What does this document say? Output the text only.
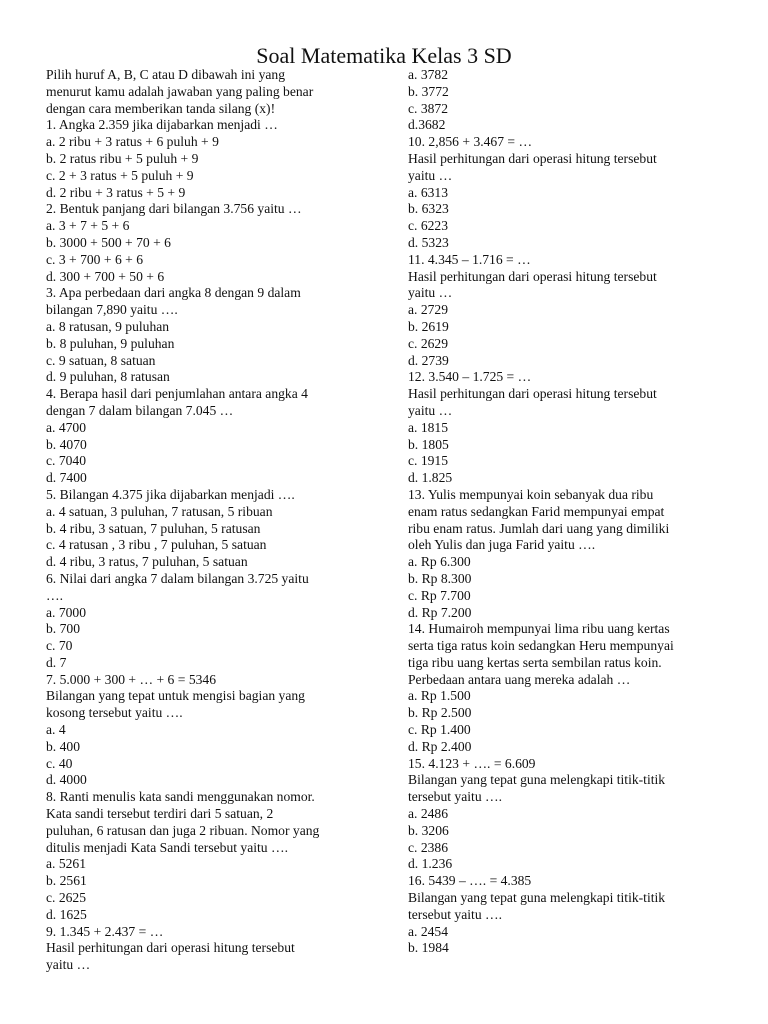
Soal Matematika Kelas 3 SD
Pilih huruf A, B, C atau D dibawah ini yang
menurut kamu adalah jawaban yang paling benar
dengan cara memberikan tanda silang (x)!
1. Angka 2.359 jika dijabarkan menjadi …
a. 2 ribu + 3 ratus + 6 puluh + 9
b. 2 ratus ribu + 5 puluh + 9
c. 2 + 3 ratus + 5 puluh + 9
d. 2 ribu + 3 ratus + 5 + 9
2. Bentuk panjang dari bilangan 3.756 yaitu …
a. 3 + 7 + 5 + 6
b. 3000 + 500 + 70 + 6
c. 3 + 700 + 6 + 6
d. 300 + 700 + 50 + 6
3. Apa perbedaan dari angka 8 dengan 9 dalam
bilangan 7,890 yaitu ….
a. 8 ratusan, 9 puluhan
b. 8 puluhan, 9 puluhan
c. 9 satuan, 8 satuan
d. 9 puluhan, 8 ratusan
4. Berapa hasil dari penjumlahan antara angka 4
dengan 7 dalam bilangan 7.045 …
a. 4700
b. 4070
c. 7040
d. 7400
5. Bilangan 4.375 jika dijabarkan menjadi ….
a. 4 satuan, 3 puluhan, 7 ratusan, 5 ribuan
b. 4 ribu, 3 satuan, 7 puluhan, 5 ratusan
c. 4 ratusan , 3 ribu , 7 puluhan, 5 satuan
d. 4 ribu, 3 ratus, 7 puluhan, 5 satuan
6. Nilai dari angka 7 dalam bilangan 3.725 yaitu
….
a. 7000
b. 700
c. 70
d. 7
7. 5.000 + 300 + … + 6 = 5346
Bilangan yang tepat untuk mengisi bagian yang
kosong tersebut yaitu ….
a. 4
b. 400
c. 40
d. 4000
8. Ranti menulis kata sandi menggunakan nomor.
Kata sandi tersebut terdiri dari 5 satuan, 2
puluhan, 6 ratusan dan juga 2 ribuan. Nomor yang
ditulis menjadi Kata Sandi tersebut yaitu ….
a. 5261
b. 2561
c. 2625
d. 1625
9. 1.345 + 2.437 = …
Hasil perhitungan dari operasi hitung tersebut
yaitu …
a. 3782
b. 3772
c. 3872
d.3682
10. 2,856 + 3.467 = …
Hasil perhitungan dari operasi hitung tersebut
yaitu …
a. 6313
b. 6323
c. 6223
d. 5323
11. 4.345 – 1.716 = …
Hasil perhitungan dari operasi hitung tersebut
yaitu …
a. 2729
b. 2619
c. 2629
d. 2739
12. 3.540 – 1.725 = …
Hasil perhitungan dari operasi hitung tersebut
yaitu …
a. 1815
b. 1805
c. 1915
d. 1.825
13. Yulis mempunyai koin sebanyak dua ribu
enam ratus sedangkan Farid mempunyai empat
ribu enam ratus. Jumlah dari uang yang dimiliki
oleh Yulis dan juga Farid yaitu ….
a. Rp 6.300
b. Rp 8.300
c. Rp 7.700
d. Rp 7.200
14. Humairoh mempunyai lima ribu uang kertas
serta tiga ratus koin sedangkan Heru mempunyai
tiga ribu uang kertas serta sembilan ratus koin.
Perbedaan antara uang mereka adalah …
a. Rp 1.500
b. Rp 2.500
c. Rp 1.400
d. Rp 2.400
15. 4.123 + …. = 6.609
Bilangan yang tepat guna melengkapi titik-titik
tersebut yaitu ….
a. 2486
b. 3206
c. 2386
d. 1.236
16. 5439 – …. = 4.385
Bilangan yang tepat guna melengkapi titik-titik
tersebut yaitu ….
a. 2454
b. 1984
